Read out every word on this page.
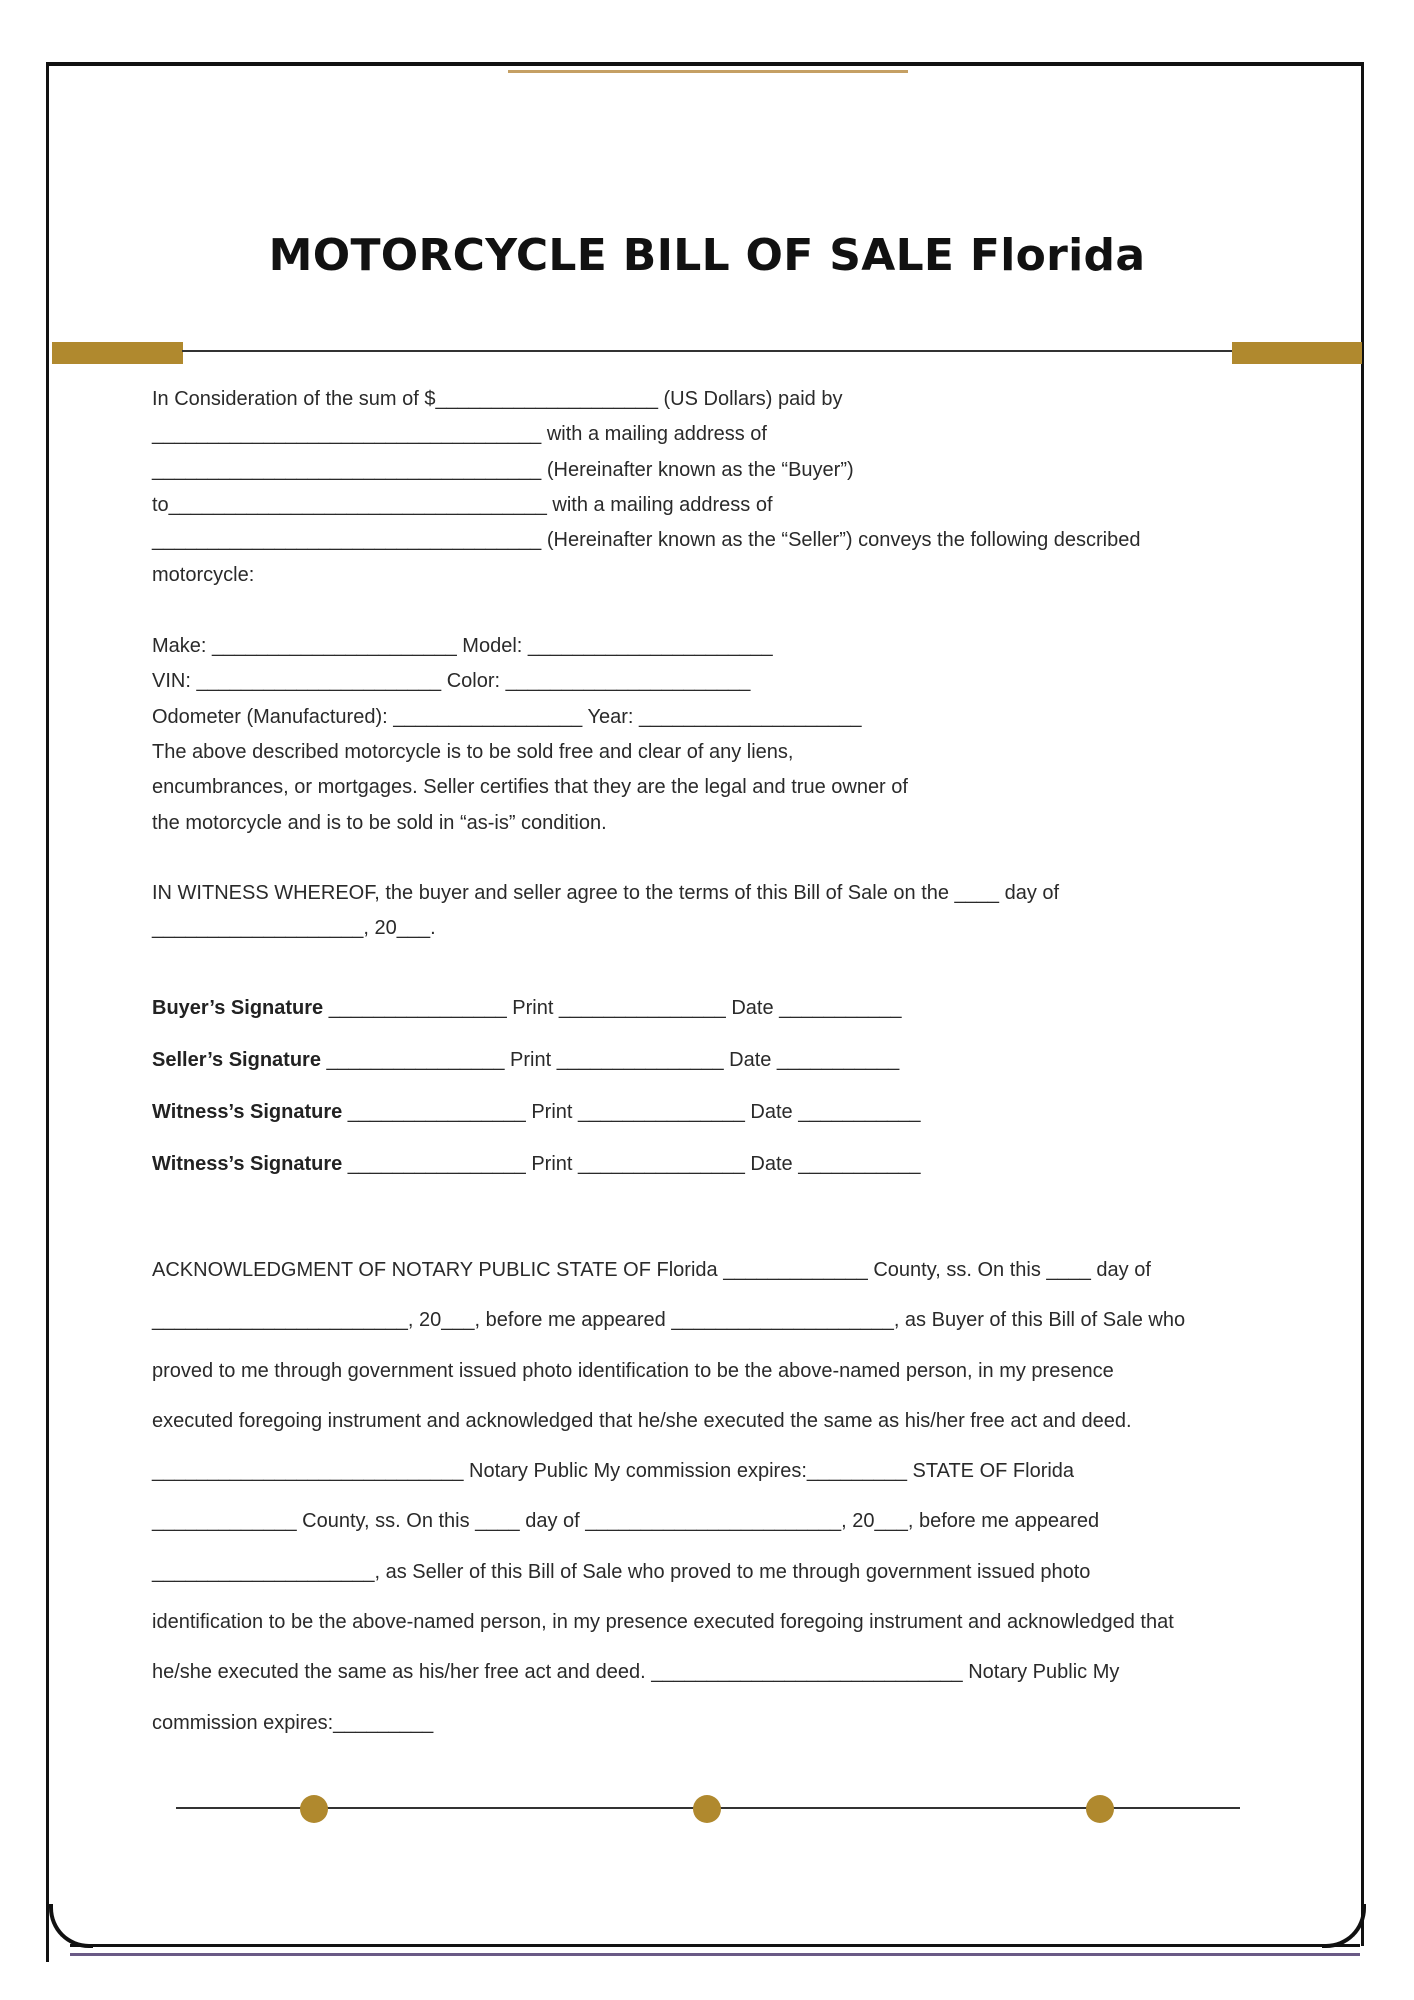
MOTORCYCLE BILL OF SALE Florida

In Consideration of the sum of $____________________ (US Dollars) paid by

___________________________________ with a mailing address of

___________________________________ (Hereinafter known as the “Buyer”)

to__________________________________ with a mailing address of

___________________________________ (Hereinafter known as the “Seller”) conveys the following described

motorcycle:

Make: ______________________ Model: ______________________

VIN: ______________________ Color: ______________________

Odometer (Manufactured): _________________ Year: ____________________

The above described motorcycle is to be sold free and clear of any liens,

encumbrances, or mortgages. Seller certifies that they are the legal and true owner of

the motorcycle and is to be sold in “as-is” condition.

IN WITNESS WHEREOF, the buyer and seller agree to the terms of this Bill of Sale on the ____ day of

___________________, 20___.

Buyer’s Signature ________________ Print _______________ Date ___________
Seller’s Signature ________________ Print _______________ Date ___________
Witness’s Signature ________________ Print _______________ Date ___________
Witness’s Signature ________________ Print _______________ Date ___________

ACKNOWLEDGMENT OF NOTARY PUBLIC STATE OF Florida _____________ County, ss. On this ____ day of

_______________________, 20___, before me appeared ____________________, as Buyer of this Bill of Sale who

proved to me through government issued photo identification to be the above-named person, in my presence

executed foregoing instrument and acknowledged that he/she executed the same as his/her free act and deed.

____________________________ Notary Public My commission expires:_________ STATE OF Florida

_____________ County, ss. On this ____ day of _______________________, 20___, before me appeared

____________________, as Seller of this Bill of Sale who proved to me through government issued photo

identification to be the above-named person, in my presence executed foregoing instrument and acknowledged that

he/she executed the same as his/her free act and deed. ____________________________ Notary Public My

commission expires:_________
